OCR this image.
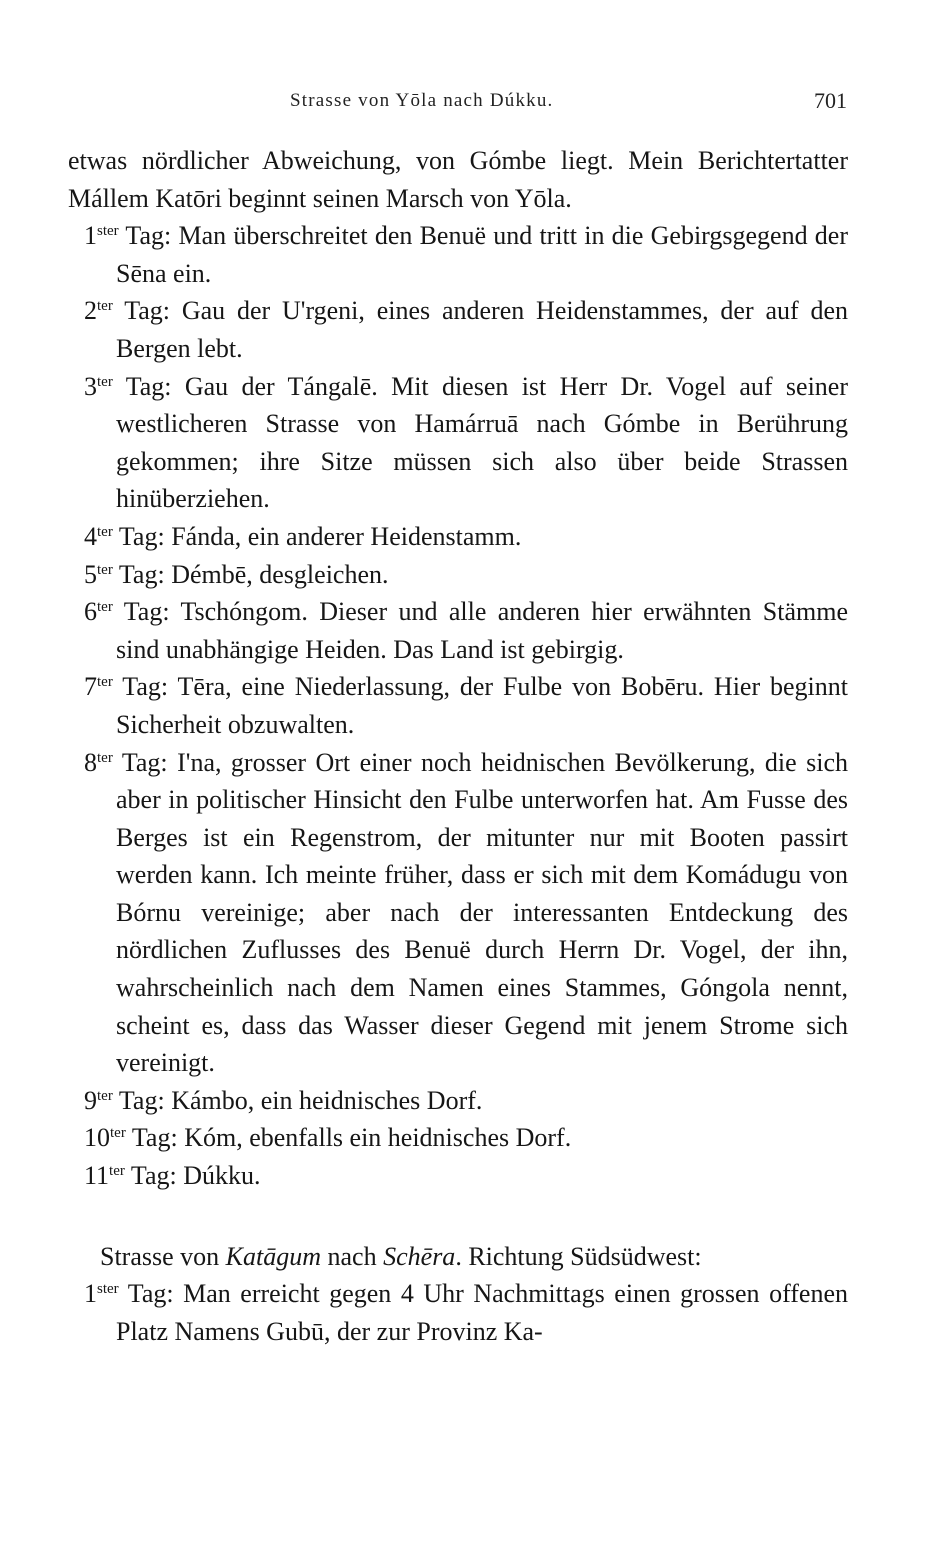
Strasse von Yōla nach Dúkku.	701

etwas nördlicher Abweichung, von Gómbe liegt. Mein Berichtertatter Mállem Katōri beginnt seinen Marsch von Yōla.

$1^{ster}$ Tag: Man überschreitet den Benuë und tritt in die Gebirgsgegend der Sēna ein.

$2^{ter}$ Tag: Gau der U'rgeni, eines anderen Heidenstammes, der auf den Bergen lebt.

$3^{ter}$ Tag: Gau der Tángalē. Mit diesen ist Herr Dr. Vogel auf seiner westlicheren Strasse von Hamárruā nach Gómbe in Berührung gekommen; ihre Sitze müssen sich also über beide Strassen hinüberziehen.

$4^{ter}$ Tag: Fánda, ein anderer Heidenstamm.

$5^{ter}$ Tag: Démbē, desgleichen.

$6^{ter}$ Tag: Tschóngom. Dieser und alle anderen hier erwähnten Stämme sind unabhängige Heiden. Das Land ist gebirgig.

$7^{ter}$ Tag: Tēra, eine Niederlassung, der Fulbe von Bobēru. Hier beginnt Sicherheit obzuwalten.

$8^{ter}$ Tag: I'na, grosser Ort einer noch heidnischen Bevölkerung, die sich aber in politischer Hinsicht den Fulbe unterworfen hat. Am Fusse des Berges ist ein Regenstrom, der mitunter nur mit Booten passirt werden kann. Ich meinte früher, dass er sich mit dem Komádugu von Bórnu vereinige; aber nach der interessanten Entdeckung des nördlichen Zuflusses des Benuë durch Herrn Dr. Vogel, der ihn, wahrscheinlich nach dem Namen eines Stammes, Góngola nennt, scheint es, dass das Wasser dieser Gegend mit jenem Strome sich vereinigt.

$9^{ter}$ Tag: Kámbo, ein heidnisches Dorf.

$10^{ter}$ Tag: Kóm, ebenfalls ein heidnisches Dorf.

$11^{ter}$ Tag: Dúkku.

Strasse von Katāgum nach Schēra. Richtung Südsüdwest:

$1^{ster}$ Tag: Man erreicht gegen 4 Uhr Nachmittags einen grossen offenen Platz Namens Gubū, der zur Provinz Ka-
